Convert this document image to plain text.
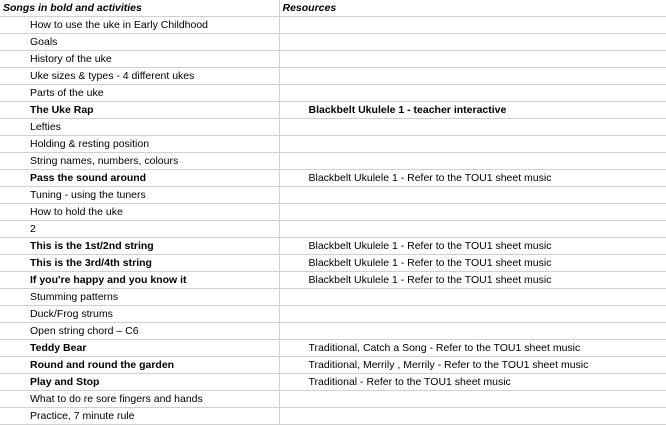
Songs in bold and activities	Resources
How to use the uke in Early Childhood	
Goals	
History of the uke	
Uke sizes & types - 4 different ukes	
Parts of the uke	
The Uke Rap	Blackbelt Ukulele 1 - teacher interactive
Lefties	
Holding & resting position	
String names, numbers, colours	
Pass the sound around	Blackbelt Ukulele 1 - Refer to the TOU1 sheet music
Tuning - using the tuners	
How to hold the uke	
2	
This is the 1st/2nd string	Blackbelt Ukulele 1 - Refer to the TOU1 sheet music
This is the 3rd/4th string	Blackbelt Ukulele 1 - Refer to the TOU1 sheet music
If you're happy and you know it	Blackbelt Ukulele 1 - Refer to the TOU1 sheet music
Stumming patterns	
Duck/Frog strums	
Open string chord – C6	
Teddy Bear	Traditional, Catch a Song - Refer to the TOU1 sheet music
Round and round the garden	Traditional, Merrily , Merrily - Refer to the TOU1 sheet music
Play and Stop	Traditional - Refer to the TOU1 sheet music
What to do re sore fingers and hands	
Practice, 7 minute rule	
